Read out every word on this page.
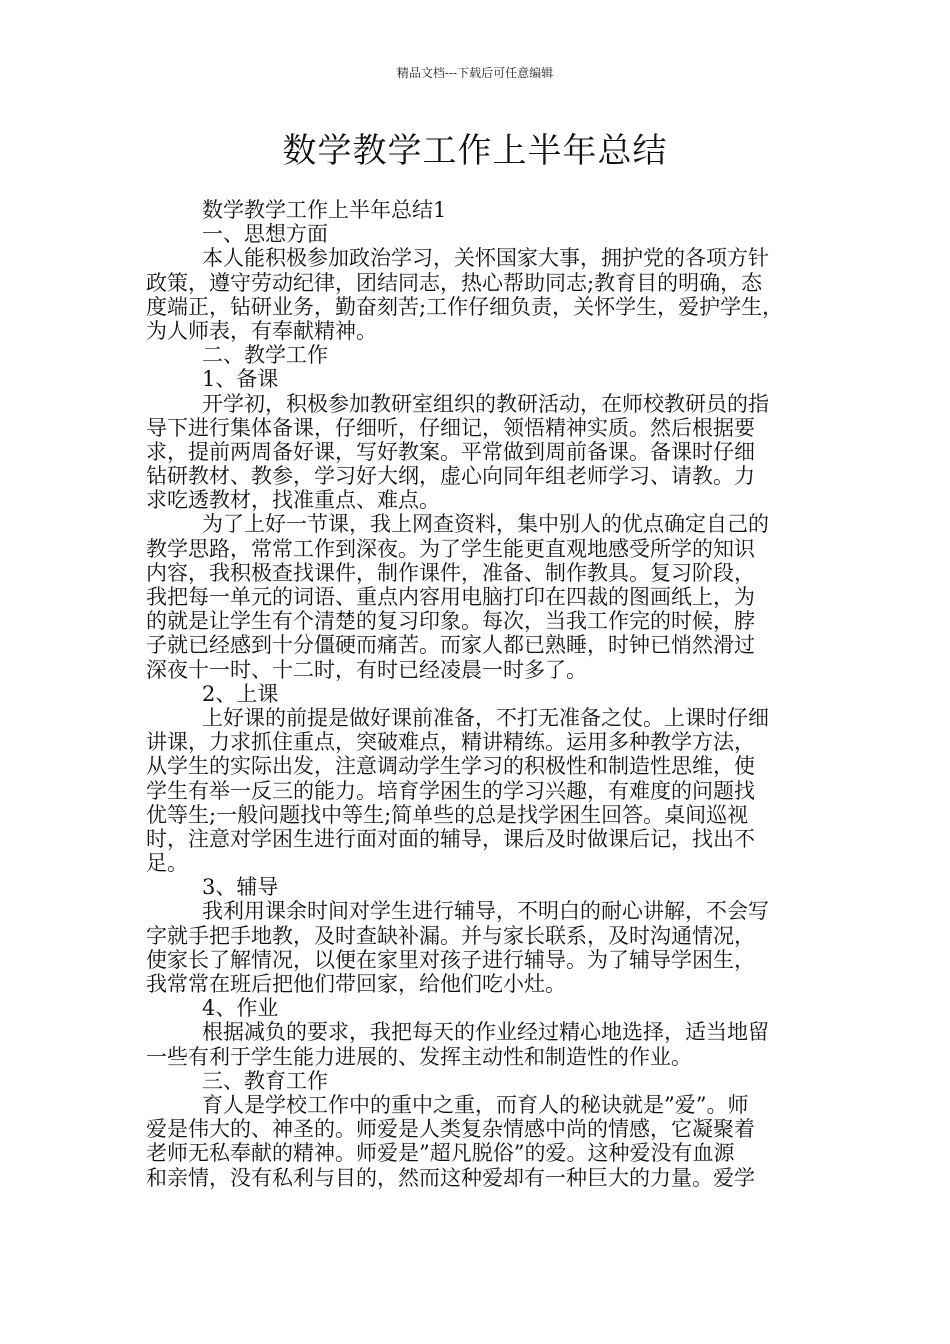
精品文档---下载后可任意编辑
数学教学工作上半年总结
数学教学工作上半年总结1
一、思想方面
本人能积极参加政治学习，关怀国家大事，拥护党的各项方针
政策，遵守劳动纪律，团结同志，热心帮助同志;教育目的明确，态
度端正，钻研业务，勤奋刻苦;工作仔细负责，关怀学生，爱护学生，
为人师表，有奉献精神。
二、教学工作
1、备课
开学初，积极参加教研室组织的教研活动，在师校教研员的指
导下进行集体备课，仔细听，仔细记，领悟精神实质。然后根据要
求，提前两周备好课，写好教案。平常做到周前备课。备课时仔细
钻研教材、教参，学习好大纲，虚心向同年组老师学习、请教。力
求吃透教材，找准重点、难点。
为了上好一节课，我上网查资料，集中别人的优点确定自己的
教学思路，常常工作到深夜。为了学生能更直观地感受所学的知识
内容，我积极查找课件，制作课件，准备、制作教具。复习阶段，
我把每一单元的词语、重点内容用电脑打印在四裁的图画纸上，为
的就是让学生有个清楚的复习印象。每次，当我工作完的时候，脖
子就已经感到十分僵硬而痛苦。而家人都已熟睡，时钟已悄然滑过
深夜十一时、十二时，有时已经凌晨一时多了。
2、上课
上好课的前提是做好课前准备，不打无准备之仗。上课时仔细
讲课，力求抓住重点，突破难点，精讲精练。运用多种教学方法，
从学生的实际出发，注意调动学生学习的积极性和制造性思维，使
学生有举一反三的能力。培育学困生的学习兴趣，有难度的问题找
优等生;一般问题找中等生;简单些的总是找学困生回答。桌间巡视
时，注意对学困生进行面对面的辅导，课后及时做课后记，找出不
足。
3、辅导
我利用课余时间对学生进行辅导，不明白的耐心讲解，不会写
字就手把手地教，及时查缺补漏。并与家长联系，及时沟通情况，
使家长了解情况，以便在家里对孩子进行辅导。为了辅导学困生，
我常常在班后把他们带回家，给他们吃小灶。
4、作业
根据减负的要求，我把每天的作业经过精心地选择，适当地留
一些有利于学生能力进展的、发挥主动性和制造性的作业。
三、教育工作
育人是学校工作中的重中之重，而育人的秘诀就是”爱”。师
爱是伟大的、神圣的。师爱是人类复杂情感中尚的情感，它凝聚着
老师无私奉献的精神。师爱是”超凡脱俗”的爱。这种爱没有血源
和亲情，没有私利与目的，然而这种爱却有一种巨大的力量。爱学
